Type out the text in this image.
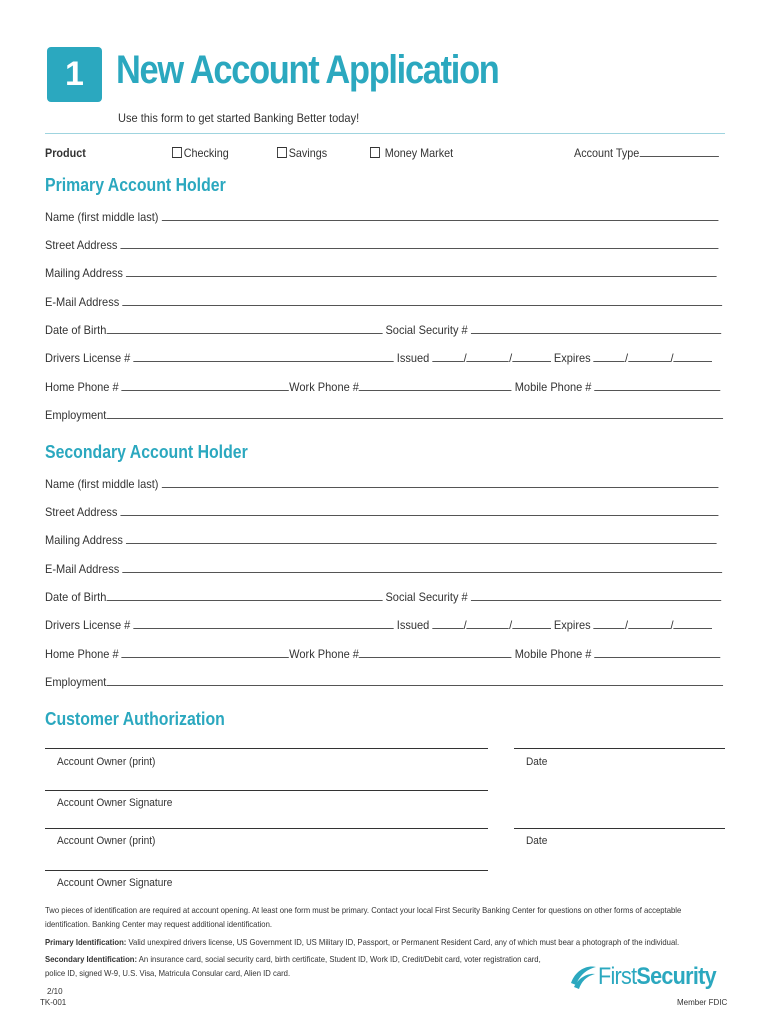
1 New Account Application
Use this form to get started Banking Better today!
Product	Checking	Savings	Money Market	Account Type
Primary Account Holder
Name (first middle last)
Street Address
Mailing Address
E-Mail Address
Date of Birth	Social Security #
Drivers License #	Issued	/	/	Expires	/	/
Home Phone #	Work Phone #	Mobile Phone #
Employment
Secondary Account Holder
Name (first middle last)
Street Address
Mailing Address
E-Mail Address
Date of Birth	Social Security #
Drivers License #	Issued	/	/	Expires	/	/
Home Phone #	Work Phone #	Mobile Phone #
Employment
Customer Authorization
Account Owner (print)	Date
Account Owner Signature
Account Owner (print)	Date
Account Owner Signature
Two pieces of identification are required at account opening. At least one form must be primary. Contact your local First Security Banking Center for questions on other forms of acceptable identification. Banking Center may request additional identification.
Primary Identification: Valid unexpired drivers license, US Government ID, US Military ID, Passport, or Permanent Resident Card, any of which must bear a photograph of the individual.
Secondary Identification: An insurance card, social security card, birth certificate, Student ID, Work ID, Credit/Debit card, voter registration card, police ID, signed W-9, U.S. Visa, Matricula Consular card, Alien ID card.
2/10
TK-001
FirstSecurity
Member FDIC
